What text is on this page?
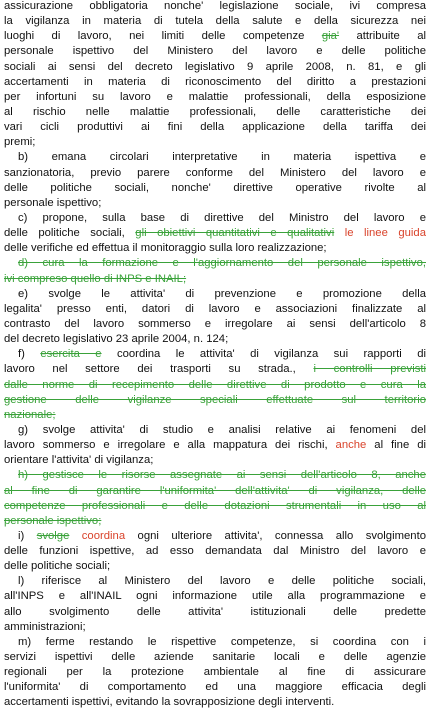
assicurazione obbligatoria nonche' legislazione sociale, ivi compresa
la vigilanza in materia di tutela della salute e della sicurezza nei
luoghi di lavoro, nei limiti delle competenze gia' attribuite al
personale ispettivo del Ministero del lavoro e delle politiche
sociali ai sensi del decreto legislativo 9 aprile 2008, n. 81, e gli
accertamenti in materia di riconoscimento del diritto a prestazioni
per infortuni su lavoro e malattie professionali, della esposizione
al rischio nelle malattie professionali, delle caratteristiche dei
vari cicli produttivi ai fini della applicazione della tariffa dei
premi;
b) emana circolari interpretative in materia ispettiva e
sanzionatoria, previo parere conforme del Ministero del lavoro e
delle politiche sociali, nonche' direttive operative rivolte al
personale ispettivo;
c) propone, sulla base di direttive del Ministro del lavoro e
delle politiche sociali, gli obiettivi quantitativi e qualitativi le linee guida
delle verifiche ed effettua il monitoraggio sulla loro realizzazione;
d) cura la formazione e l'aggiornamento del personale ispettivo,
ivi compreso quello di INPS e INAIL;
e) svolge le attivita' di prevenzione e promozione della
legalita' presso enti, datori di lavoro e associazioni finalizzate al
contrasto del lavoro sommerso e irregolare ai sensi dell'articolo 8
del decreto legislativo 23 aprile 2004, n. 124;
f) esercita e coordina le attivita' di vigilanza sui rapporti di
lavoro nel settore dei trasporti su strada., i controlli previsti
dalle norme di recepimento delle direttive di prodotto e cura la
gestione delle vigilanze speciali effettuate sul territorio
nazionale;
g) svolge attivita' di studio e analisi relative ai fenomeni del
lavoro sommerso e irregolare e alla mappatura dei rischi, anche al fine di
orientare l'attivita' di vigilanza;
h) gestisce le risorse assegnate ai sensi dell'articolo 8, anche
al fine di garantire l'uniformita' dell'attivita' di vigilanza, delle
competenze professionali e delle dotazioni strumentali in uso al
personale ispettivo;
i) svolge coordina ogni ulteriore attivita', connessa allo svolgimento
delle funzioni ispettive, ad esso demandata dal Ministro del lavoro e
delle politiche sociali;
l) riferisce al Ministero del lavoro e delle politiche sociali,
all'INPS e all'INAIL ogni informazione utile alla programmazione e
allo svolgimento delle attivita' istituzionali delle predette
amministrazioni;
m) ferme restando le rispettive competenze, si coordina con i
servizi ispettivi delle aziende sanitarie locali e delle agenzie
regionali per la protezione ambientale al fine di assicurare
l'uniformita' di comportamento ed una maggiore efficacia degli
accertamenti ispettivi, evitando la sovrapposizione degli interventi.
